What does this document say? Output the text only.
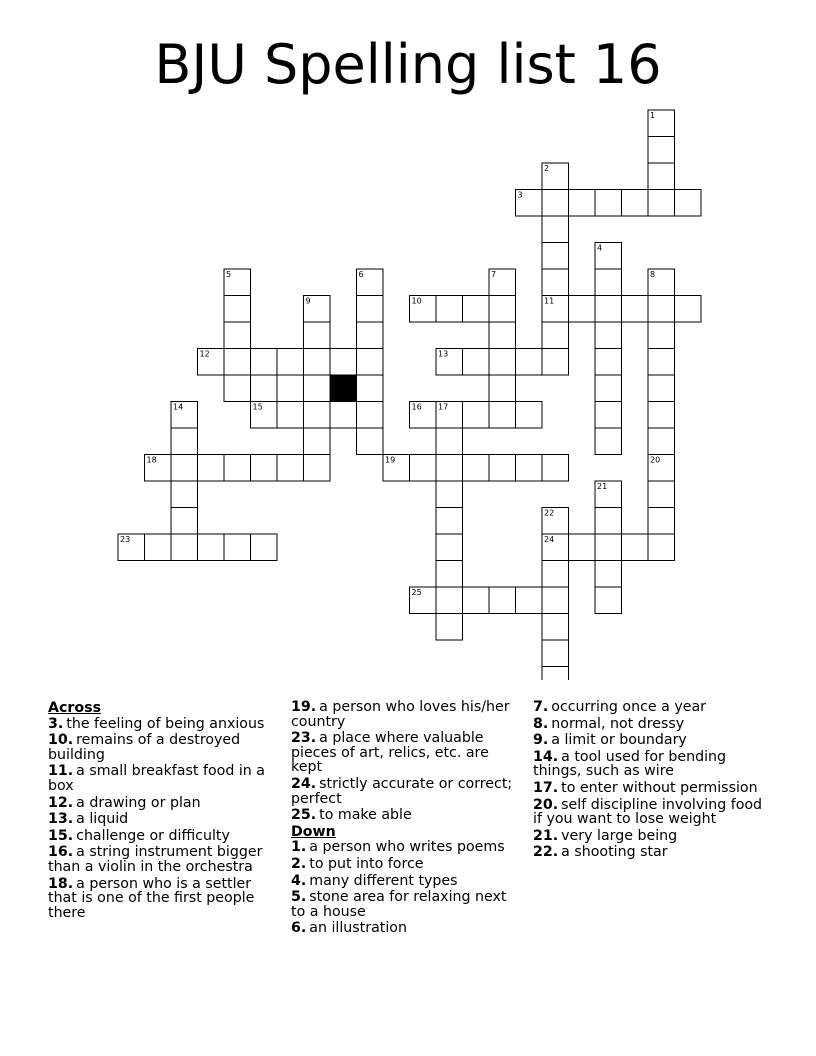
BJU Spelling list 16
1
2
3
4
5	6	7	8
9	10	11
12	13
14	15	16 17
18	19	20
21
22
23	24
25
Across
3. the feeling of being anxious
10. remains of a destroyed building
11. a small breakfast food in a box
12. a drawing or plan
13. a liquid
15. challenge or difficulty
16. a string instrument bigger than a violin in the orchestra
18. a person who is a settler that is one of the first people there
19. a person who loves his/her country
23. a place where valuable pieces of art, relics, etc. are kept
24. strictly accurate or correct; perfect
25. to make able
Down
1. a person who writes poems
2. to put into force
4. many different types
5. stone area for relaxing next to a house
6. an illustration
7. occurring once a year
8. normal, not dressy
9. a limit or boundary
14. a tool used for bending things, such as wire
17. to enter without permission
20. self discipline involving food if you want to lose weight
21. very large being
22. a shooting star
